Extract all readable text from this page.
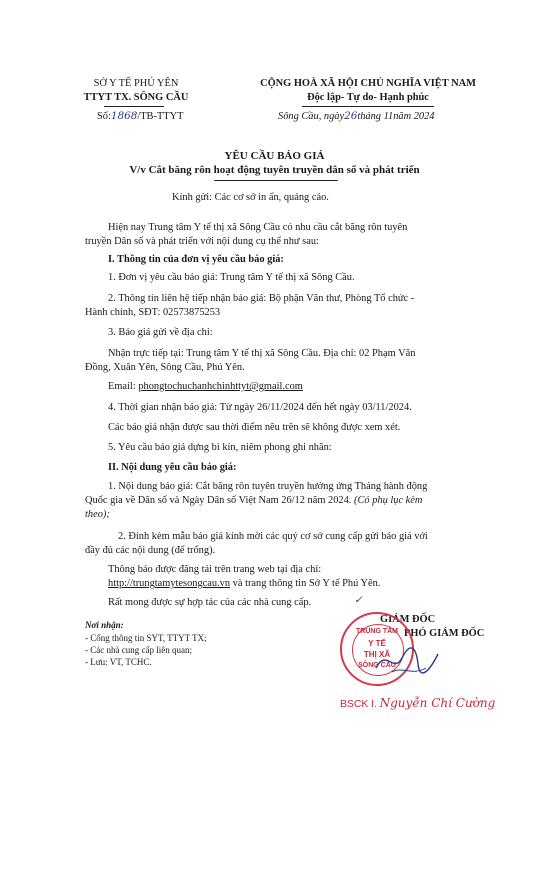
SỞ Y TẾ PHÚ YÊN
TTYT TX. SÔNG CẦU
Số:1868/TB-TTYT
CỘNG HOÀ XÃ HỘI CHỦ NGHĨA VIỆT NAM
Độc lập- Tự do- Hạnh phúc
Sông Cầu, ngày26tháng 11năm 2024
YÊU CẦU BÁO GIÁ
V/v Cắt băng rôn hoạt động tuyên truyền dân số và phát triển
Kính gửi: Các cơ sở in ấn, quảng cáo.
Hiện nay Trung tâm Y tế thị xã Sông Cầu có nhu cầu cắt băng rôn tuyên
truyền Dân số và phát triển với nội dung cụ thể như sau:
I. Thông tin của đơn vị yêu cầu báo giá:
1. Đơn vị yêu cầu báo giá: Trung tâm Y tế thị xã Sông Cầu.
2. Thông tin liên hệ tiếp nhận báo giá: Bộ phận Văn thư, Phòng Tổ chức -
Hành chính, SĐT: 02573875253
3. Báo giá gửi về địa chỉ:
Nhận trực tiếp tại: Trung tâm Y tế thị xã Sông Cầu. Địa chỉ: 02 Phạm Văn
Đồng, Xuân Yên, Sông Cầu, Phú Yên.
Email: phongtochuchanhchinhttyt@gmail.com
4. Thời gian nhận báo giá: Từ ngày 26/11/2024 đến hết ngày 03/11/2024.
Các báo giá nhận được sau thời điểm nêu trên sẽ không được xem xét.
5. Yêu cầu báo giá dựng bì kín, niêm phong ghi nhãn:
II. Nội dung yêu cầu báo giá:
1. Nội dung báo giá: Cắt băng rôn tuyên truyền hưởng ứng Tháng hành động
Quốc gia về Dân số và Ngày Dân số Việt Nam 26/12 năm 2024. (Có phụ lục kèm
theo);
2. Đính kèm mẫu báo giá kính mời các quý cơ sở cung cấp gửi báo giá với
đầy đủ các nội dung (để trống).
Thông báo được đăng tải trên trang web tại địa chỉ:
http://trungtamytesongcau.vn và trang thông tin Sở Y tế Phú Yên.
Rất mong được sự hợp tác của các nhà cung cấp.	✓
Nơi nhận:
- Cổng thông tin SYT, TTYT TX;
- Các nhà cung cấp liên quan;
- Lưu: VT, TCHC.
GIÁM ĐỐC
PHÓ GIÁM ĐỐC
TRUNG TÂM
Y TẾ
THỊ XÃ
SÔNG CẦU
BSCK I. Nguyễn Chí Cường
